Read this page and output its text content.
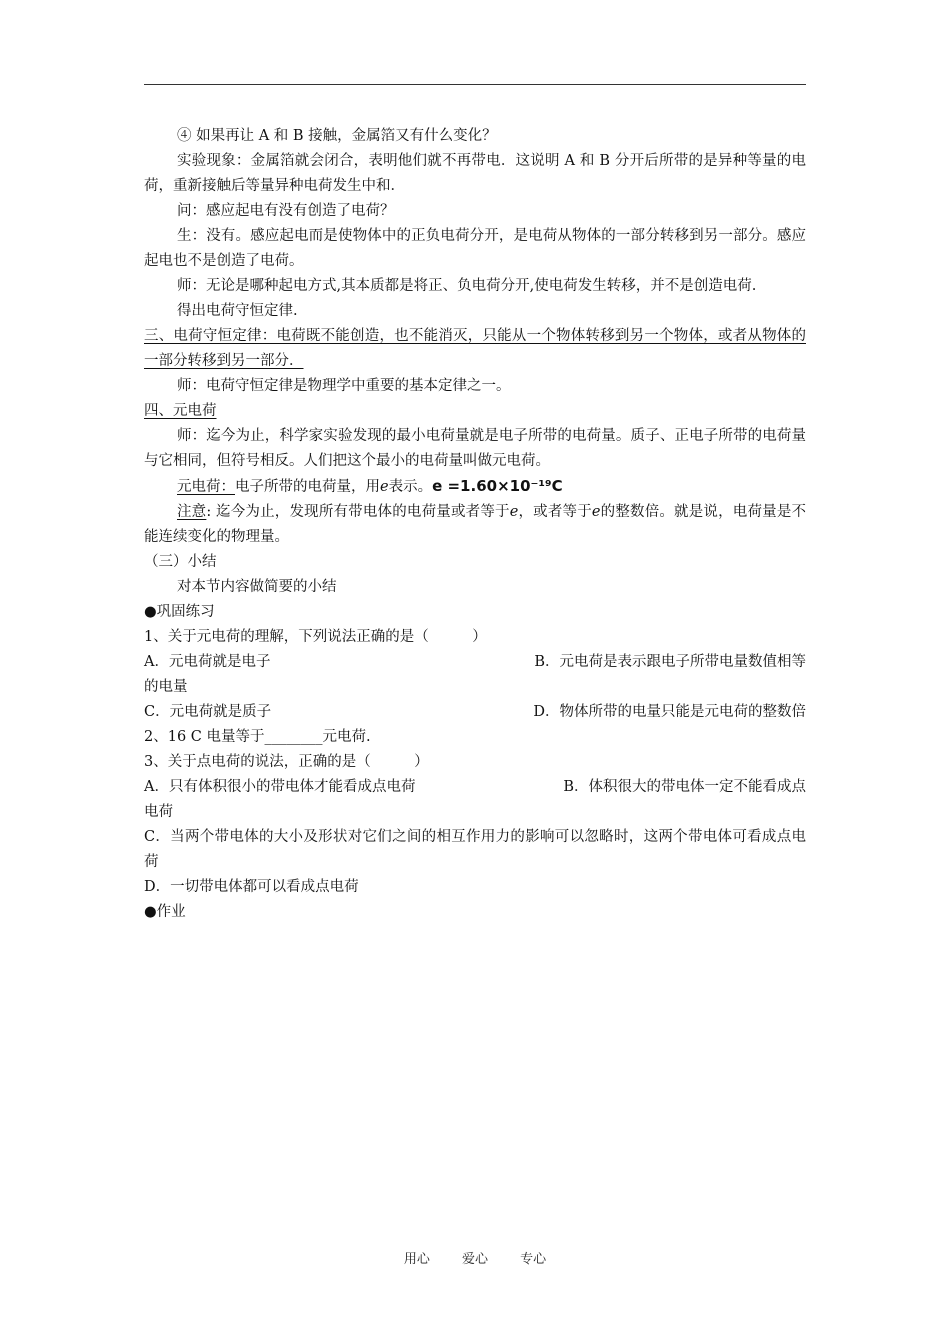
④ 如果再让 A 和 B 接触，金属箔又有什么变化？

实验现象：金属箔就会闭合，表明他们就不再带电．这说明 A 和 B 分开后所带的是异种等量的电荷，重新接触后等量异种电荷发生中和．

问：感应起电有没有创造了电荷？

生：没有。感应起电而是使物体中的正负电荷分开，是电荷从物体的一部分转移到另一部分。感应起电也不是创造了电荷。

师：无论是哪种起电方式,其本质都是将正、负电荷分开,使电荷发生转移，并不是创造电荷.

得出电荷守恒定律.

三、电荷守恒定律：电荷既不能创造，也不能消灭，只能从一个物体转移到另一个物体，或者从物体的一部分转移到另一部分．

师：电荷守恒定律是物理学中重要的基本定律之一。

四、元电荷

师：迄今为止，科学家实验发现的最小电荷量就是电子所带的电荷量。质子、正电子所带的电荷量与它相同，但符号相反。人们把这个最小的电荷量叫做元电荷。

元电荷：电子所带的电荷量，用e表示。e =1.60×10⁻¹⁹C

注意: 迄今为止，发现所有带电体的电荷量或者等于e，或者等于e的整数倍。就是说，电荷量是不能连续变化的物理量。

（三）小结

对本节内容做简要的小结

●巩固练习

1、关于元电荷的理解，下列说法正确的是（　　　）

A．元电荷就是电子	B．元电荷是表示跟电子所带电量数值相等

的电量

C．元电荷就是质子	D．物体所带的电量只能是元电荷的整数倍

2、16 C 电量等于________元电荷.

3、关于点电荷的说法，正确的是（　　　）

A．只有体积很小的带电体才能看成点电荷	B．体积很大的带电体一定不能看成点

电荷

C．当两个带电体的大小及形状对它们之间的相互作用力的影响可以忽略时，这两个带电体可看成点电荷

D．一切带电体都可以看成点电荷

●作业

用心 爱心 专心
